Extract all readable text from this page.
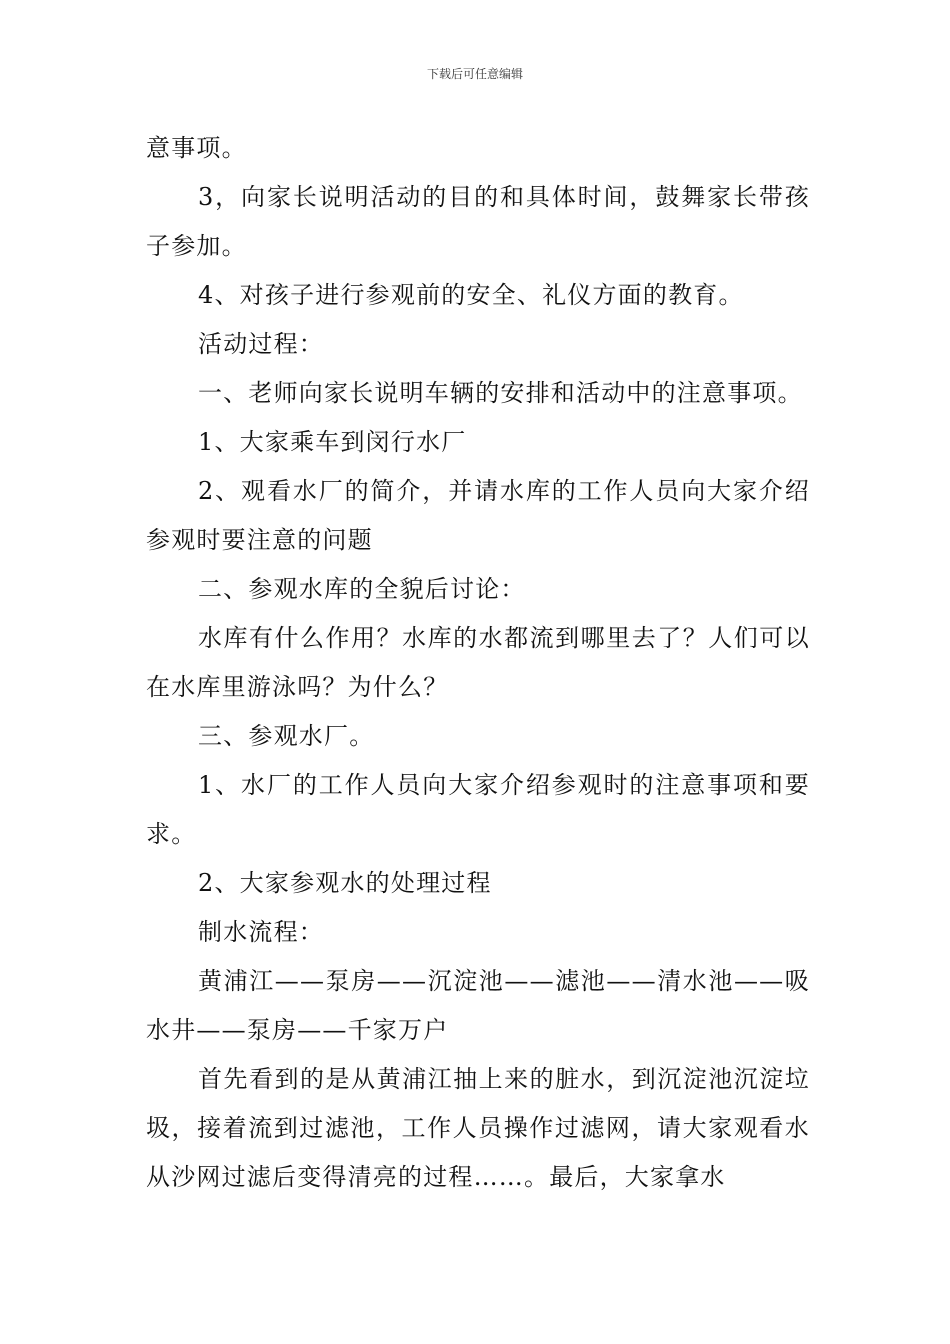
下载后可任意编辑

意事项。

3，向家长说明活动的目的和具体时间，鼓舞家长带孩子参加。

4、对孩子进行参观前的安全、礼仪方面的教育。

活动过程：

一、老师向家长说明车辆的安排和活动中的注意事项。

1、大家乘车到闵行水厂

2、观看水厂的简介，并请水库的工作人员向大家介绍参观时要注意的问题

二、参观水库的全貌后讨论：

水库有什么作用？水库的水都流到哪里去了？人们可以在水库里游泳吗？为什么？

三、参观水厂。

1、水厂的工作人员向大家介绍参观时的注意事项和要求。

2、大家参观水的处理过程

制水流程：

黄浦江——泵房——沉淀池——滤池——清水池——吸水井——泵房——千家万户

首先看到的是从黄浦江抽上来的脏水，到沉淀池沉淀垃圾，接着流到过滤池，工作人员操作过滤网，请大家观看水从沙网过滤后变得清亮的过程……。最后，大家拿水
